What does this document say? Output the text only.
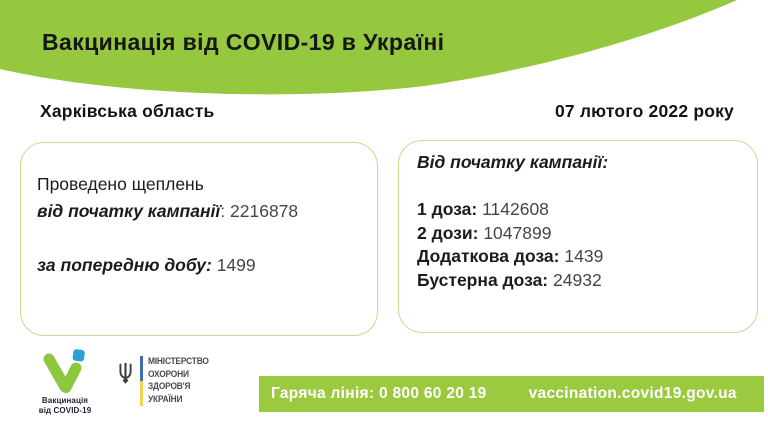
Вакцинація від COVID-19 в Україні
Харківська область	07 лютого 2022 року
Проведено щеплень
від початку кампанії: 2216878
за попередню добу: 1499
Від початку кампанії:
1 доза: 1142608
2 дози: 1047899
Додаткова доза: 1439
Бустерна доза: 24932
Вакцинація
від COVID-19
МІНІСТЕРСТВО
ОХОРОНИ
ЗДОРОВ'Я
УКРАЇНИ	Гаряча лінія: 0 800 60 20 19	vaccination.covid19.gov.ua
